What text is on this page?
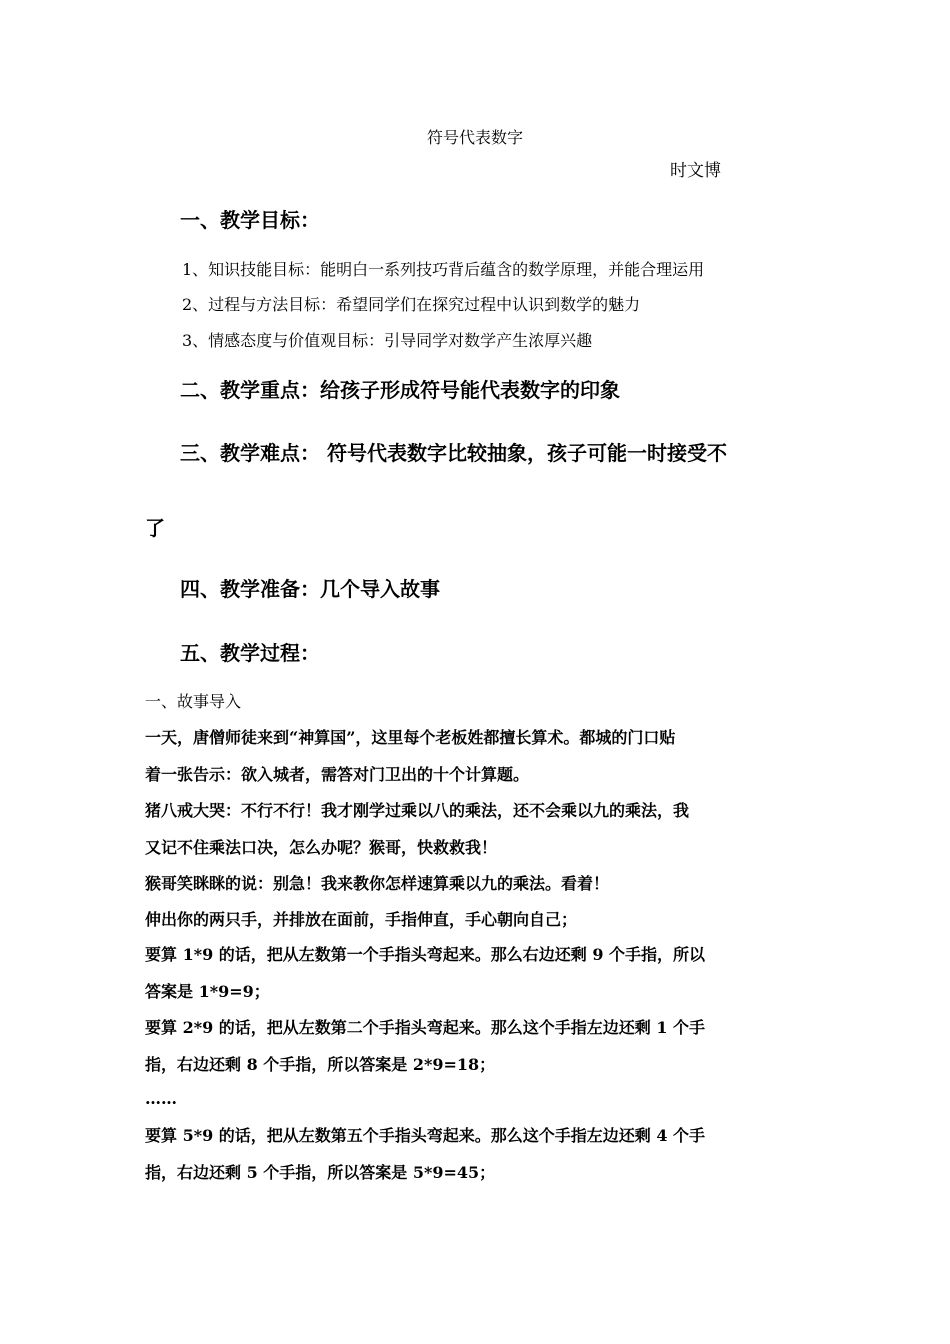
符号代表数字
时文博
一、教学目标：
1、知识技能目标：能明白一系列技巧背后蕴含的数学原理，并能合理运用
2、过程与方法目标：希望同学们在探究过程中认识到数学的魅力
3、情感态度与价值观目标：引导同学对数学产生浓厚兴趣
二、教学重点：给孩子形成符号能代表数字的印象
三、教学难点： 符号代表数字比较抽象，孩子可能一时接受不
了
四、教学准备：几个导入故事
五、教学过程：
一、故事导入
一天，唐僧师徒来到“神算国”，这里每个老板姓都擅长算术。都城的门口贴
着一张告示：欲入城者，需答对门卫出的十个计算题。
猪八戒大哭：不行不行！我才刚学过乘以八的乘法，还不会乘以九的乘法，我
又记不住乘法口决，怎么办呢？猴哥，快救救我！
猴哥笑眯眯的说：别急！我来教你怎样速算乘以九的乘法。看着！
伸出你的两只手，并排放在面前，手指伸直，手心朝向自己；
要算 1*9 的话，把从左数第一个手指头弯起来。那么右边还剩 9 个手指，所以
答案是 1*9=9；
要算 2*9 的话，把从左数第二个手指头弯起来。那么这个手指左边还剩 1 个手
指，右边还剩 8 个手指，所以答案是 2*9=18；
……
要算 5*9 的话，把从左数第五个手指头弯起来。那么这个手指左边还剩 4 个手
指，右边还剩 5 个手指，所以答案是 5*9=45；
